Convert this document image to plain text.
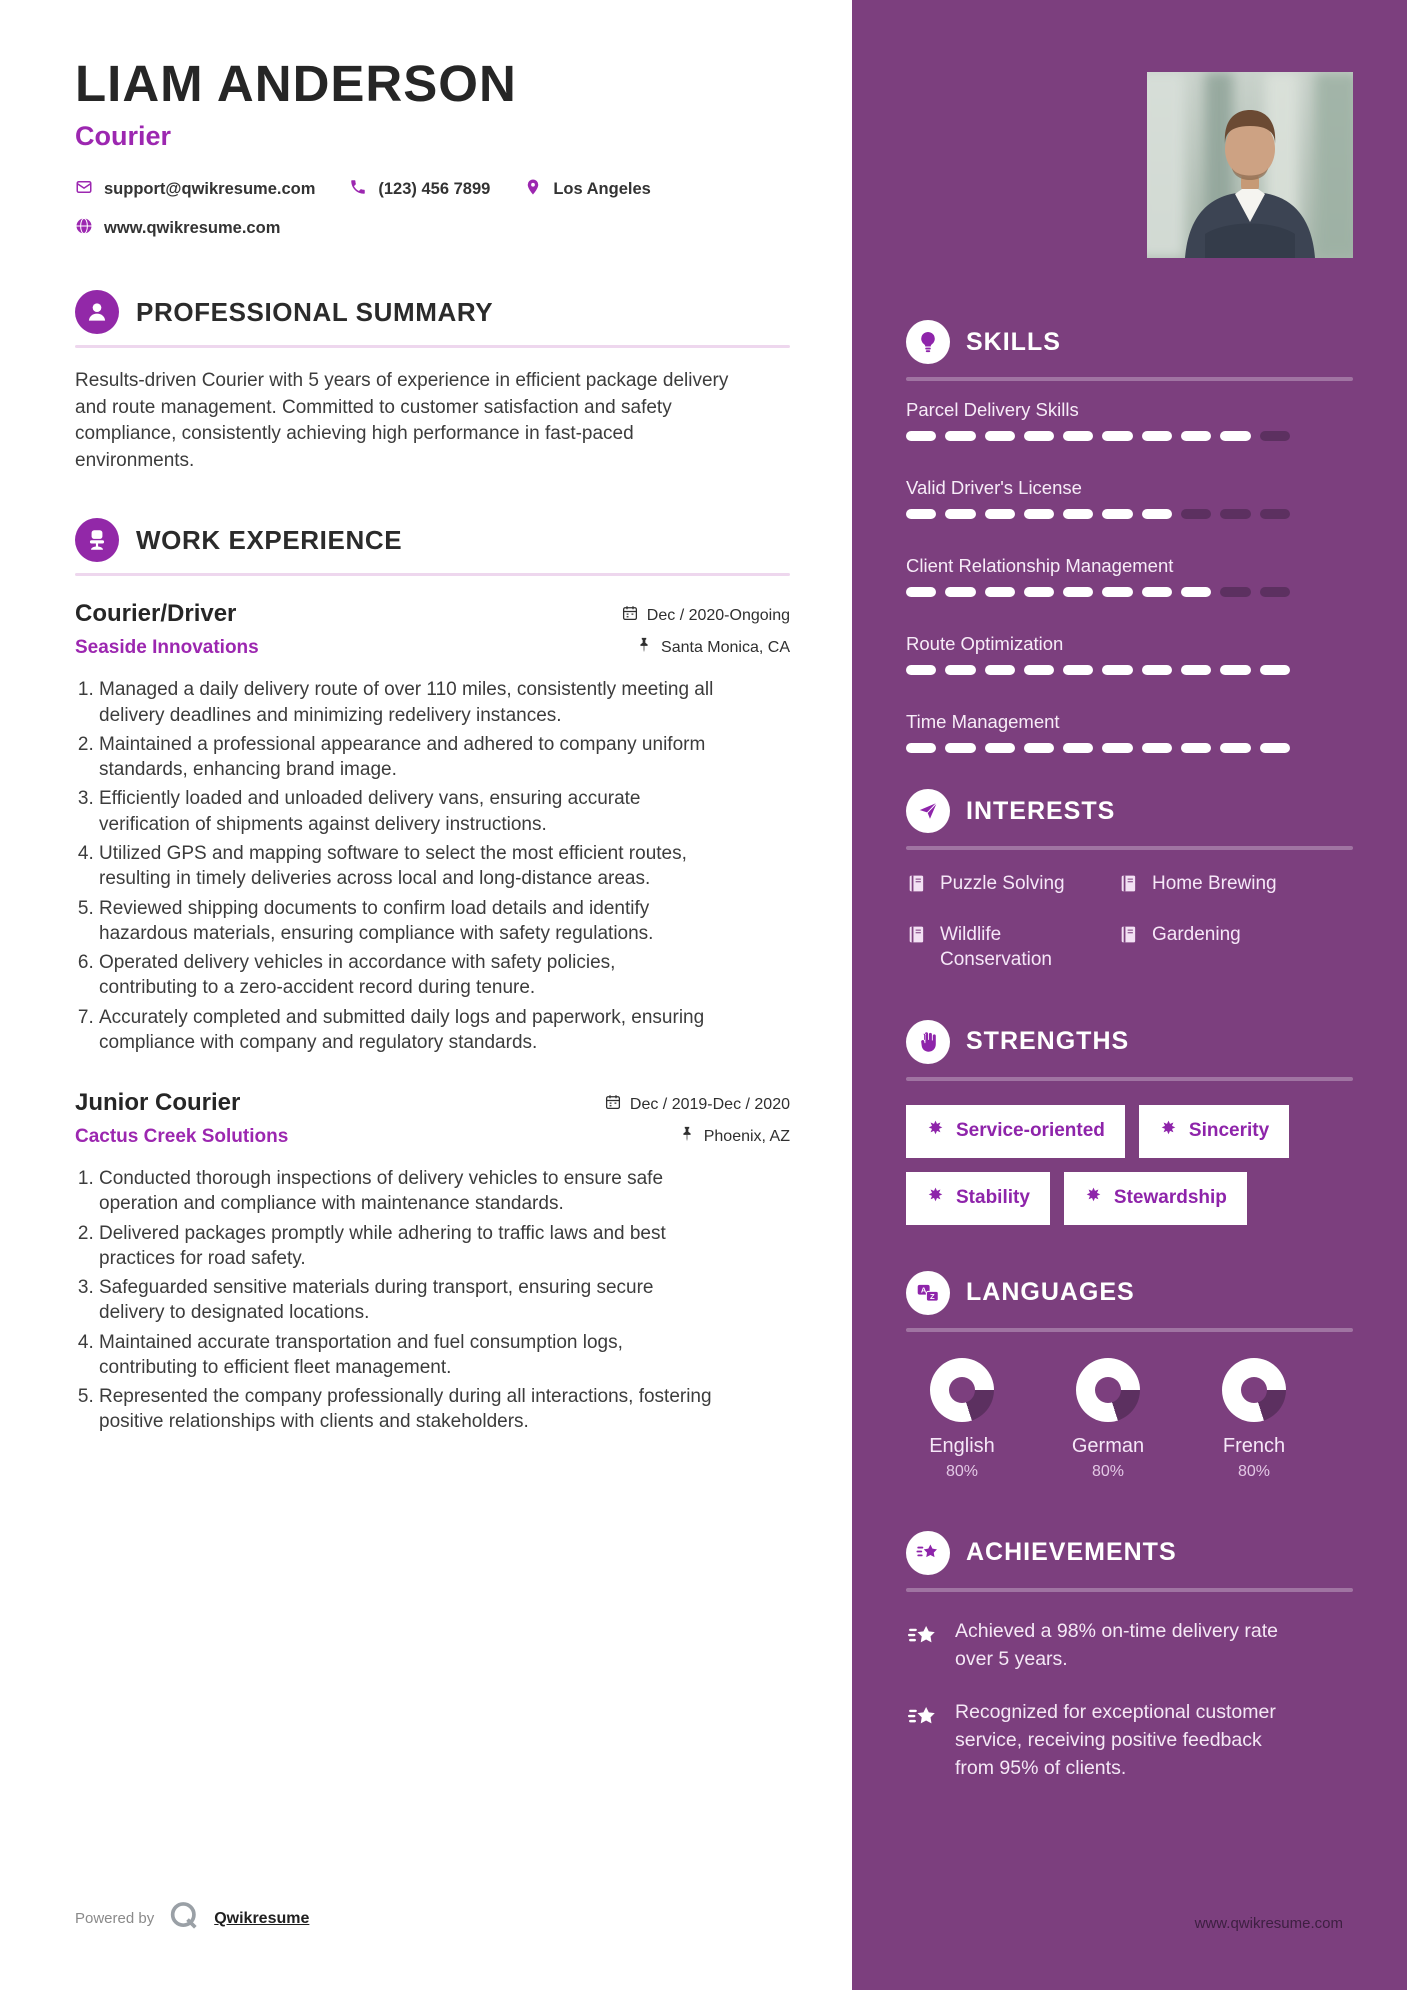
LIAM ANDERSON
Courier
support@qwikresume.com	(123) 456 7899	Los Angeles
www.qwikresume.com
PROFESSIONAL SUMMARY

Results-driven Courier with 5 years of experience in efficient package delivery and route management. Committed to customer satisfaction and safety compliance, consistently achieving high performance in fast-paced environments.

WORK EXPERIENCE
Courier/Driver
Seaside Innovations
Dec / 2020-Ongoing
Santa Monica, CA
1. Managed a daily delivery route of over 110 miles, consistently meeting all delivery deadlines and minimizing redelivery instances.
2. Maintained a professional appearance and adhered to company uniform standards, enhancing brand image.
3. Efficiently loaded and unloaded delivery vans, ensuring accurate verification of shipments against delivery instructions.
4. Utilized GPS and mapping software to select the most efficient routes, resulting in timely deliveries across local and long-distance areas.
5. Reviewed shipping documents to confirm load details and identify hazardous materials, ensuring compliance with safety regulations.
6. Operated delivery vehicles in accordance with safety policies, contributing to a zero-accident record during tenure.
7. Accurately completed and submitted daily logs and paperwork, ensuring compliance with company and regulatory standards.
Junior Courier
Cactus Creek Solutions
Dec / 2019-Dec / 2020
Phoenix, AZ
1. Conducted thorough inspections of delivery vehicles to ensure safe operation and compliance with maintenance standards.
2. Delivered packages promptly while adhering to traffic laws and best practices for road safety.
3. Safeguarded sensitive materials during transport, ensuring secure delivery to designated locations.
4. Maintained accurate transportation and fuel consumption logs, contributing to efficient fleet management.
5. Represented the company professionally during all interactions, fostering positive relationships with clients and stakeholders.
Powered by	Qwikresume
SKILLS
Parcel Delivery Skills
Valid Driver's License
Client Relationship Management
Route Optimization
Time Management
INTERESTS
Puzzle Solving	Home Brewing
Wildlife Conservation
Gardening
STRENGTHS
Service-oriented	Sincerity
Stability	Stewardship
A
Z LANGUAGES
English
80%
German
80%
French
80%
ACHIEVEMENTS
Achieved a 98% on-time delivery rate over 5 years.
Recognized for exceptional customer service, receiving positive feedback from 95% of clients.
www.qwikresume.com
